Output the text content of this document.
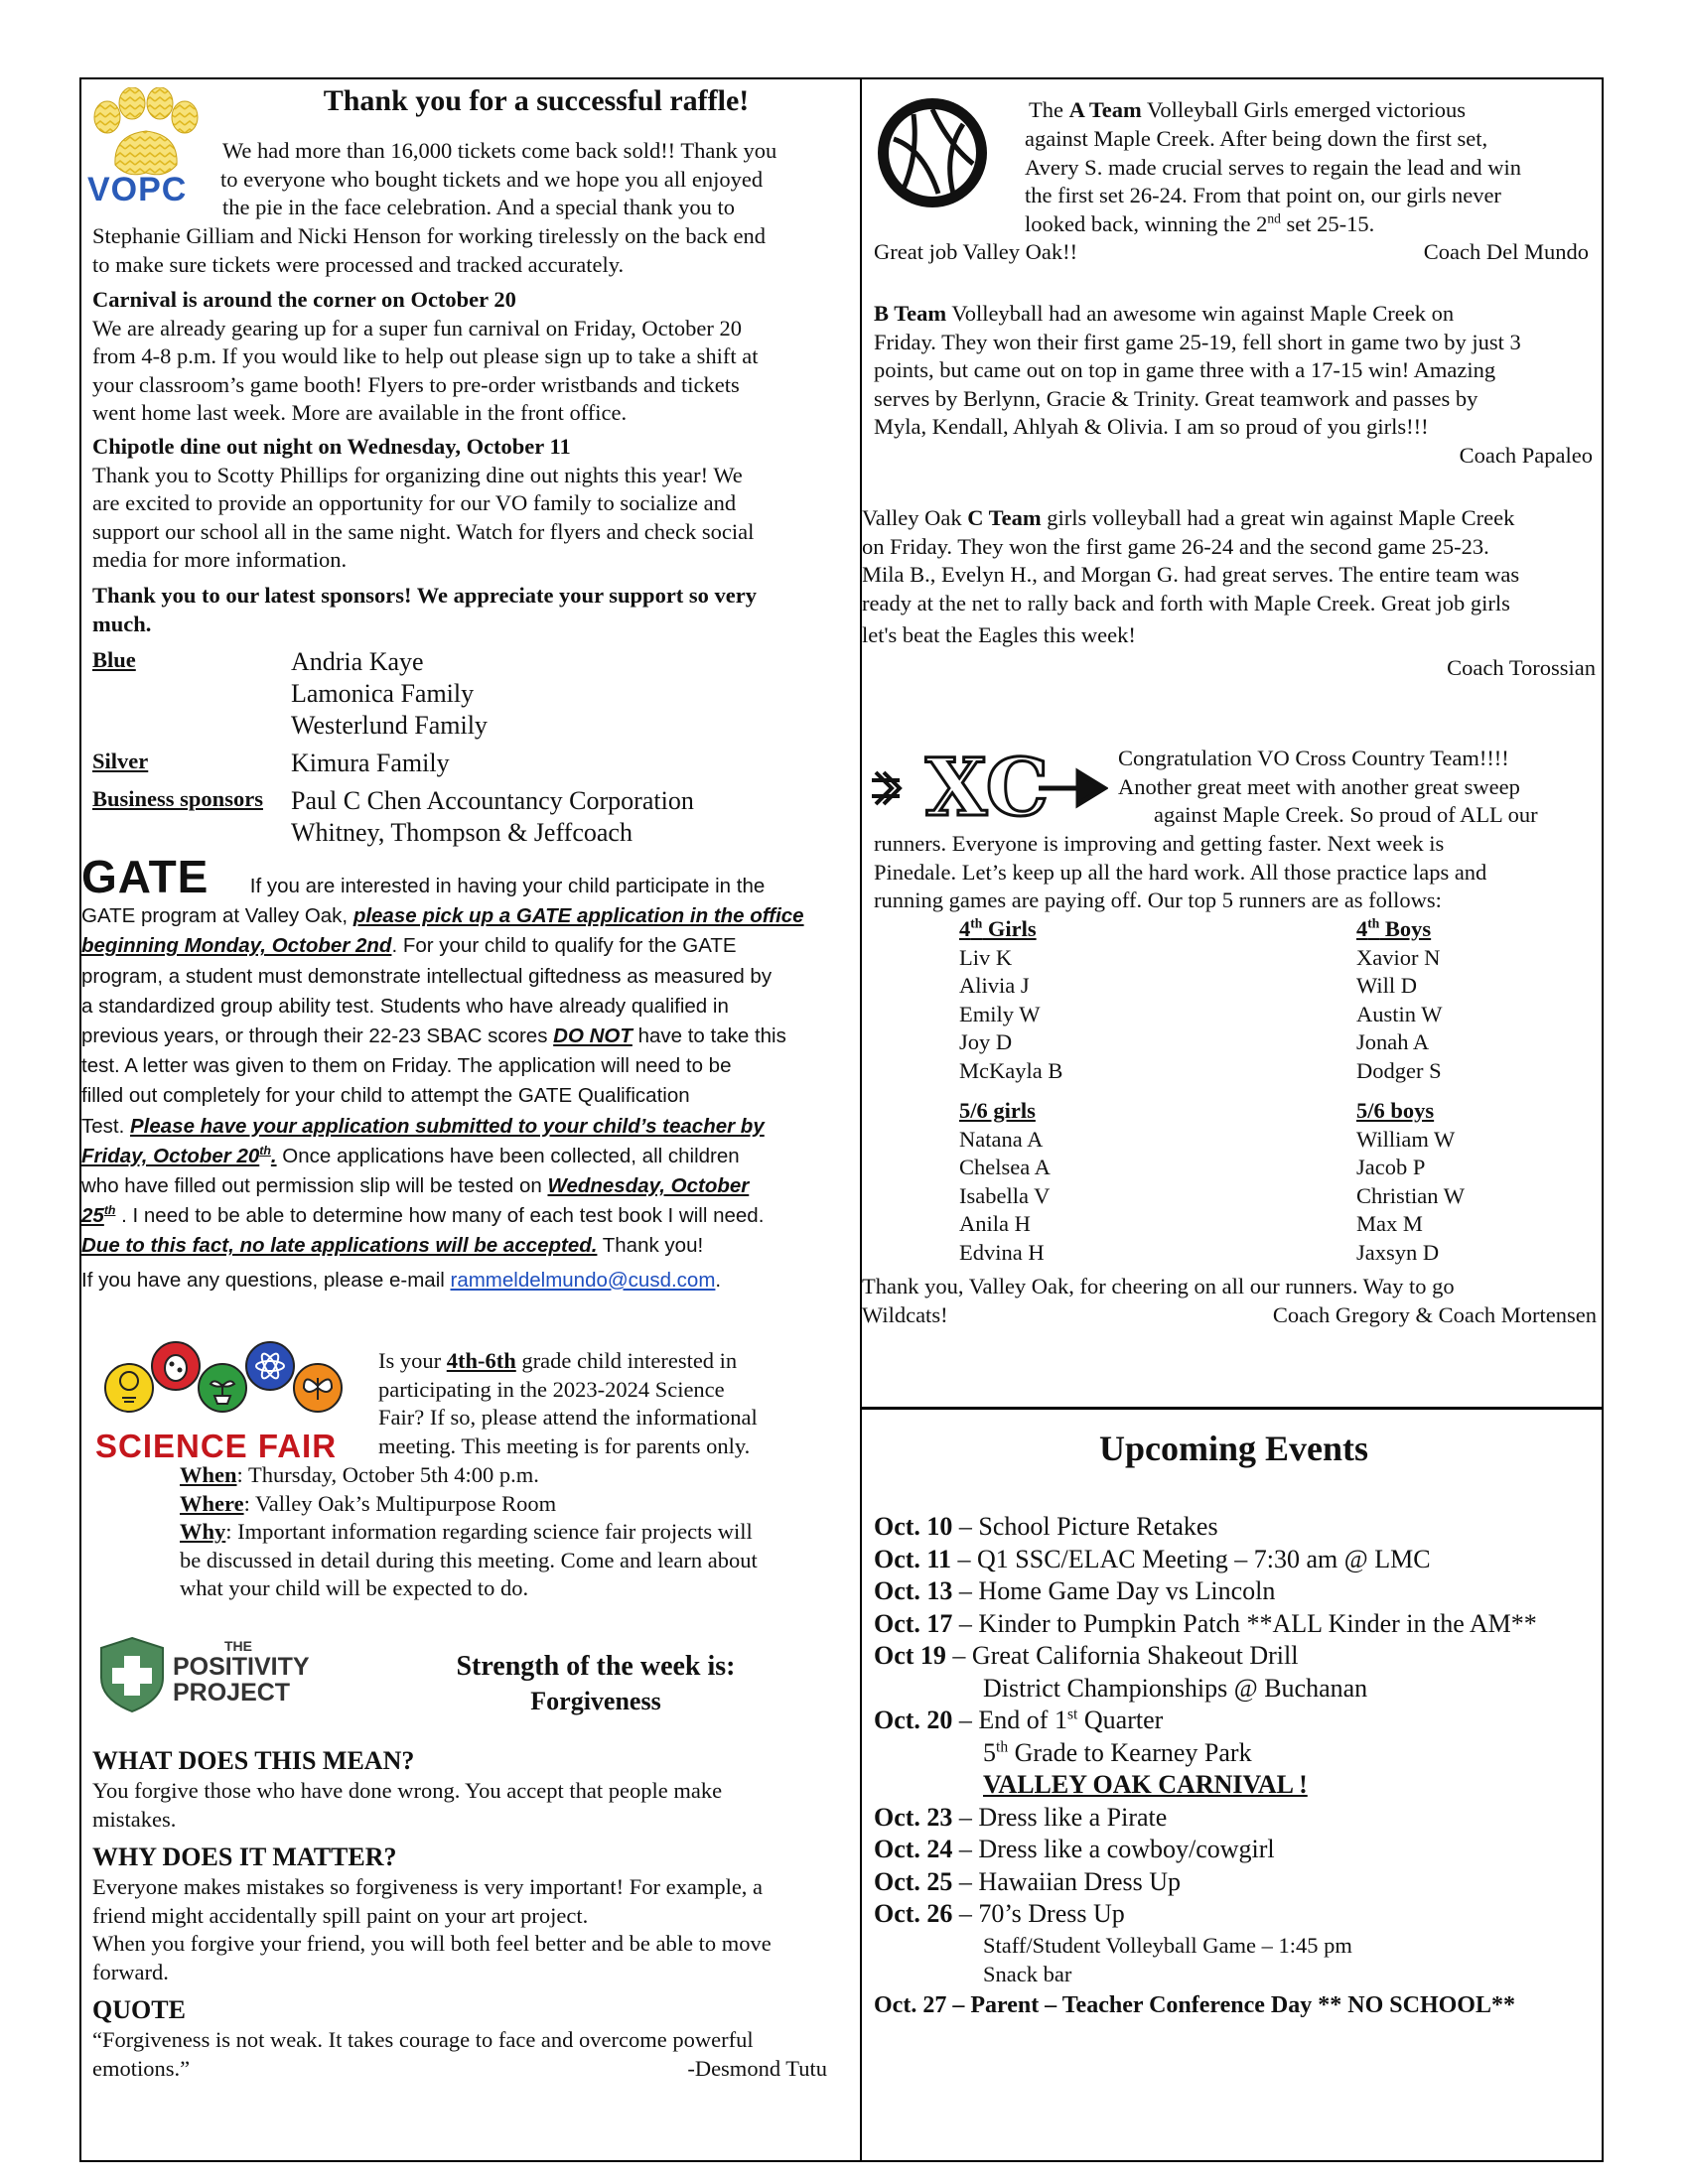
VOPC
Thank you for a successful raffle!

We had more than 16,000 tickets come back sold!! Thank you

to everyone who bought tickets and we hope you all enjoyed

the pie in the face celebration. And a special thank you to

Stephanie Gilliam and Nicki Henson for working tirelessly on the back end

to make sure tickets were processed and tracked accurately.

Carnival is around the corner on October 20

We are already gearing up for a super fun carnival on Friday, October 20

from 4-8 p.m. If you would like to help out please sign up to take a shift at

your classroom’s game booth! Flyers to pre-order wristbands and tickets

went home last week. More are available in the front office.

Chipotle dine out night on Wednesday, October 11

Thank you to Scotty Phillips for organizing dine out nights this year! We

are excited to provide an opportunity for our VO family to socialize and

support our school all in the same night. Watch for flyers and check social

media for more information.

Thank you to our latest sponsors! We appreciate your support so very

much.

Blue	Andria Kaye
Lamonica Family
Westerlund Family
Silver	Kimura Family
Business sponsors	Paul C Chen Accountancy Corporation
Whitney, Thompson & Jeffcoach
GATE If you are interested in having your child participate in the
GATE program at Valley Oak, please pick up a GATE application in the office
beginning Monday, October 2nd. For your child to qualify for the GATE
program, a student must demonstrate intellectual giftedness as measured by
a standardized group ability test. Students who have already qualified in
previous years, or through their 22-23 SBAC scores DO NOT have to take this
test. A letter was given to them on Friday. The application will need to be
filled out completely for your child to attempt the GATE Qualification
Test. Please have your application submitted to your child’s teacher by
Friday, October 20th. Once applications have been collected, all children
who have filled out permission slip will be tested on Wednesday, October
25th . I need to be able to determine how many of each test book I will need.
Due to this fact, no late applications will be accepted. Thank you!
If you have any questions, please e-mail rammeldelmundo@cusd.com.
SCIENCE FAIR

Is your 4th-6th grade child interested in

participating in the 2023-2024 Science

Fair? If so, please attend the informational

meeting. This meeting is for parents only.

When: Thursday, October 5th 4:00 p.m.

Where: Valley Oak’s Multipurpose Room

Why: Important information regarding science fair projects will

be discussed in detail during this meeting. Come and learn about

what your child will be expected to do.

THE
POSITIVITY
PROJECT
Strength of the week is:
Forgiveness

WHAT DOES THIS MEAN?

You forgive those who have done wrong. You accept that people make

mistakes.

WHY DOES IT MATTER?

Everyone makes mistakes so forgiveness is very important! For example, a

friend might accidentally spill paint on your art project.

When you forgive your friend, you will both feel better and be able to move

forward.

QUOTE

“Forgiveness is not weak. It takes courage to face and overcome powerful

emotions.”	-Desmond Tutu

The A Team Volleyball Girls emerged victorious

against Maple Creek. After being down the first set,

Avery S. made crucial serves to regain the lead and win

the first set 26-24. From that point on, our girls never

looked back, winning the 2nd set 25-15.

Great job Valley Oak!!	Coach Del Mundo

B Team Volleyball had an awesome win against Maple Creek on

Friday. They won their first game 25-19, fell short in game two by just 3

points, but came out on top in game three with a 17-15 win! Amazing

serves by Berlynn, Gracie & Trinity. Great teamwork and passes by

Myla, Kendall, Ahlyah & Olivia. I am so proud of you girls!!!

Coach Papaleo

Valley Oak C Team girls volleyball had a great win against Maple Creek

on Friday. They won the first game 26-24 and the second game 25-23.

Mila B., Evelyn H., and Morgan G. had great serves. The entire team was

ready at the net to rally back and forth with Maple Creek. Great job girls

let's beat the Eagles this week!

Coach Torossian

XC	Congratulation VO Cross Country Team!!!!

Another great meet with another great sweep

against Maple Creek. So proud of ALL our

runners. Everyone is improving and getting faster. Next week is

Pinedale. Let’s keep up all the hard work. All those practice laps and

running games are paying off. Our top 5 runners are as follows:

4th Girls

Liv K

Alivia J

Emily W

Joy D

McKayla B

4th Boys

Xavior N

Will D

Austin W

Jonah A

Dodger S

5/6 girls

Natana A

Chelsea A

Isabella V

Anila H

Edvina H

5/6 boys

William W

Jacob P

Christian W

Max M

Jaxsyn D

Thank you, Valley Oak, for cheering on all our runners. Way to go

Wildcats!	Coach Gregory & Coach Mortensen
Upcoming Events
Oct. 10 – School Picture Retakes
Oct. 11 – Q1 SSC/ELAC Meeting – 7:30 am @ LMC
Oct. 13 – Home Game Day vs Lincoln
Oct. 17 – Kinder to Pumpkin Patch **ALL Kinder in the AM**
Oct 19 – Great California Shakeout Drill
District Championships @ Buchanan
Oct. 20 – End of 1st Quarter
5th Grade to Kearney Park
VALLEY OAK CARNIVAL !
Oct. 23 – Dress like a Pirate
Oct. 24 – Dress like a cowboy/cowgirl
Oct. 25 – Hawaiian Dress Up
Oct. 26 – 70’s Dress Up
Staff/Student Volleyball Game – 1:45 pm
Snack bar
Oct. 27 – Parent – Teacher Conference Day ** NO SCHOOL**
